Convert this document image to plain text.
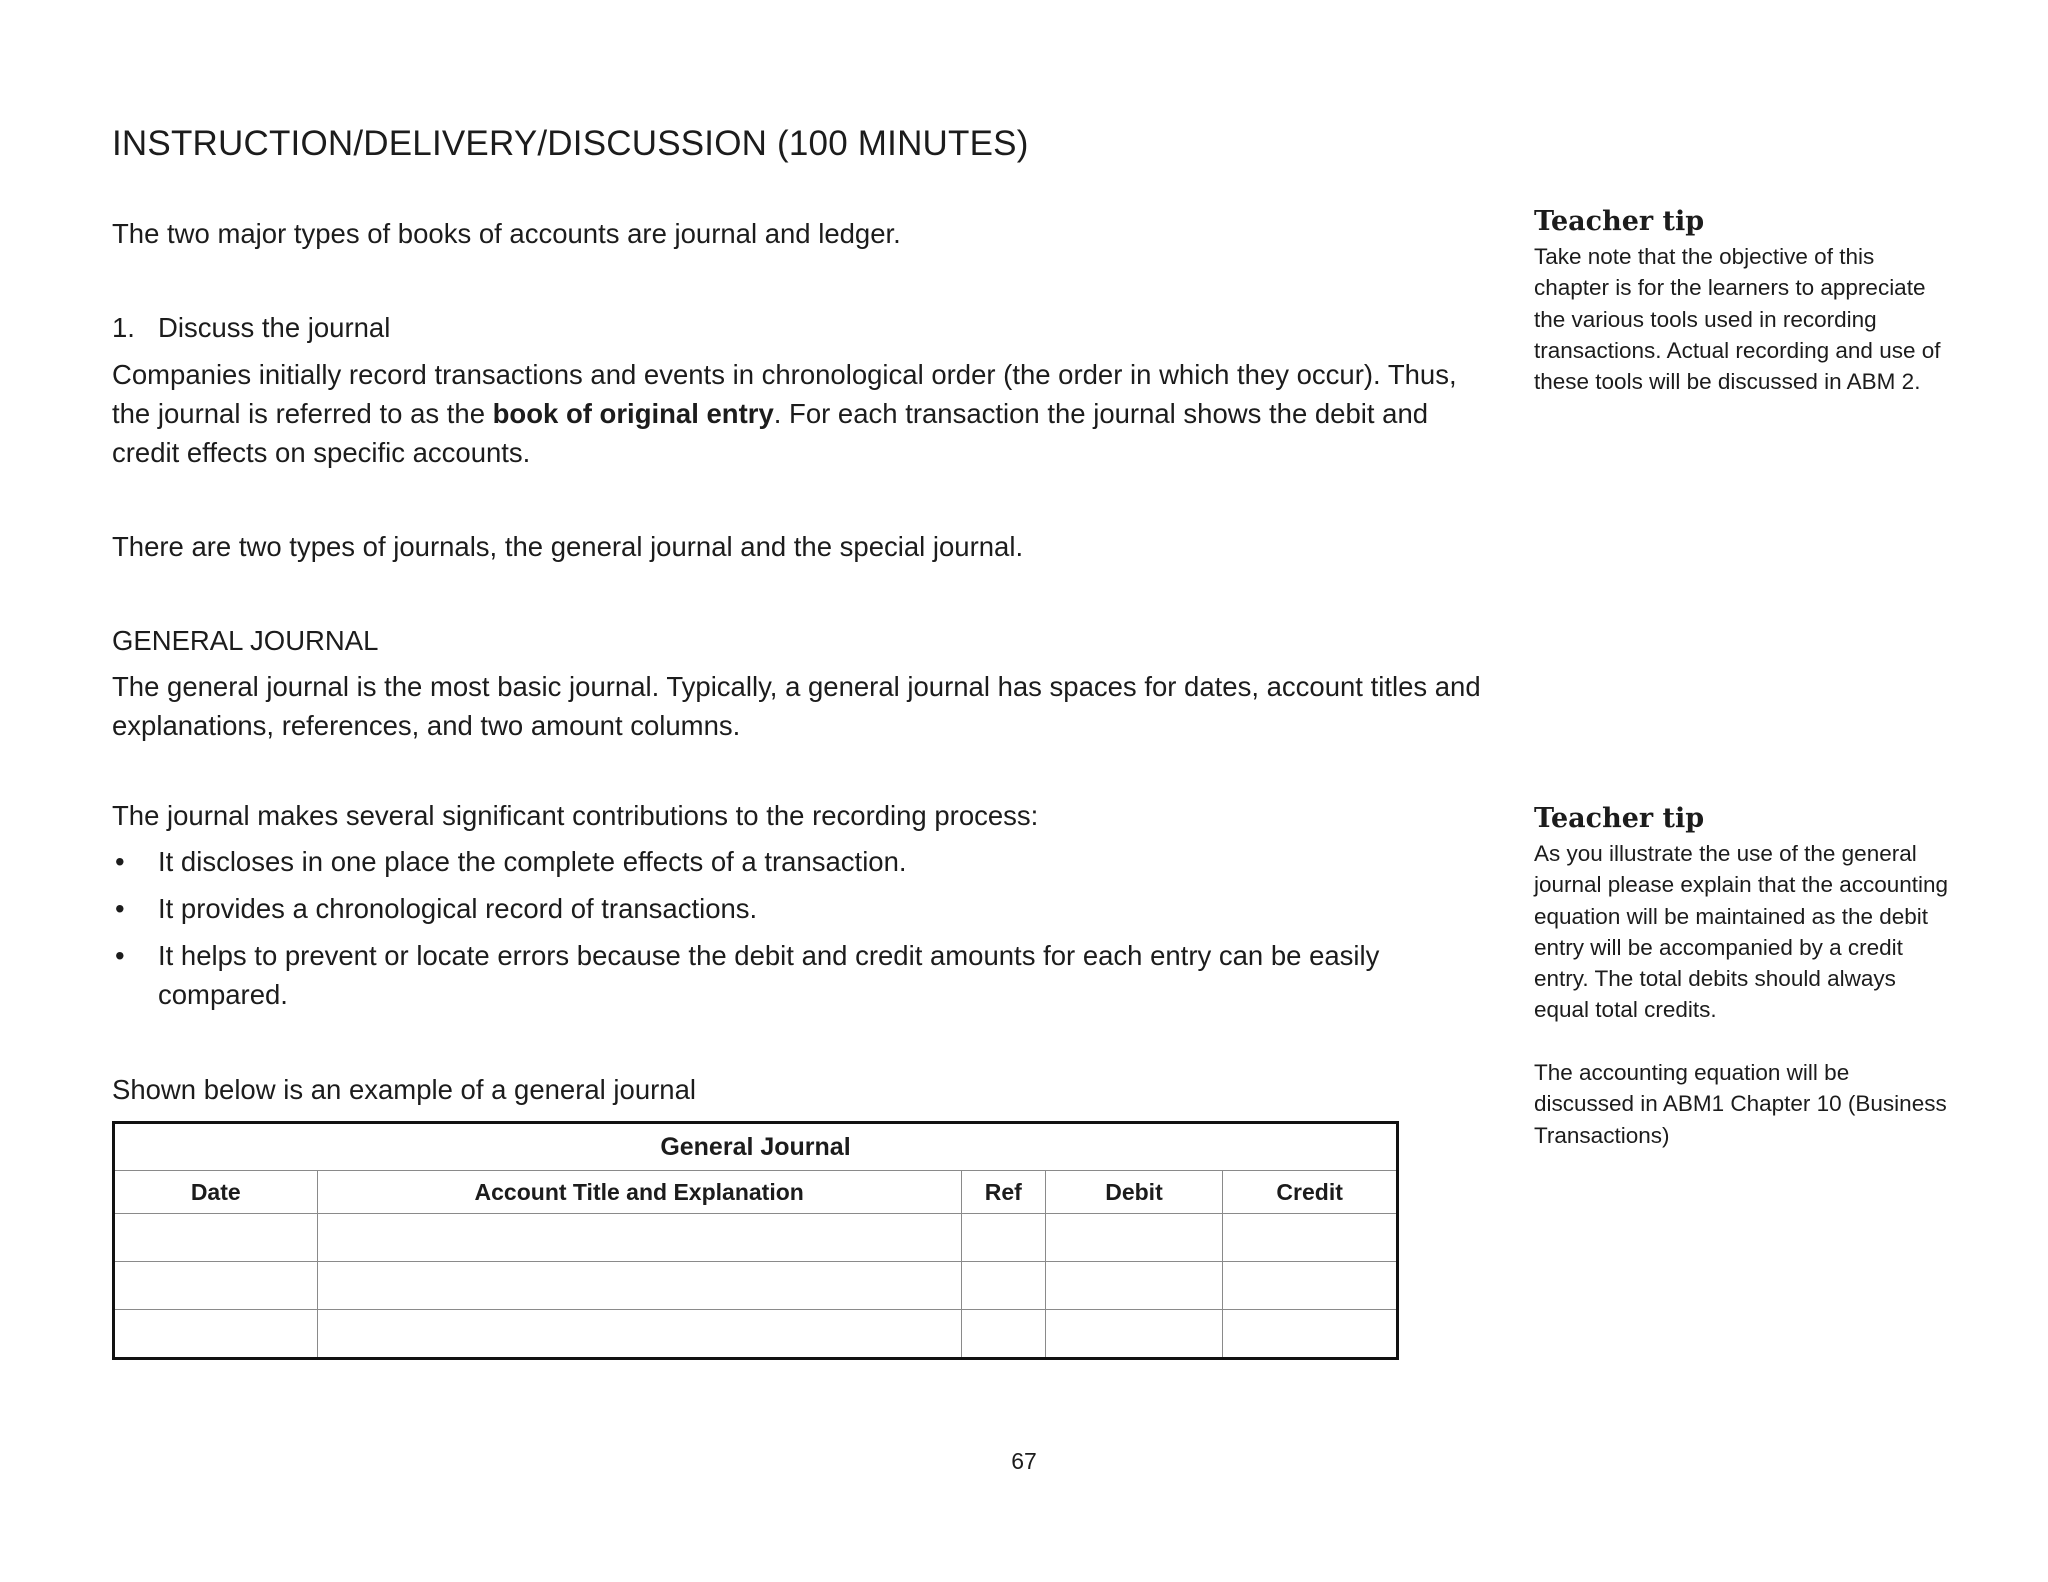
INSTRUCTION/DELIVERY/DISCUSSION (100 MINUTES)

The two major types of books of accounts are journal and ledger.

1. Discuss the journal

Companies initially record transactions and events in chronological order (the order in which they occur). Thus, the journal is referred to as the book of original entry. For each transaction the journal shows the debit and credit effects on specific accounts.

There are two types of journals, the general journal and the special journal.

GENERAL JOURNAL

The general journal is the most basic journal. Typically, a general journal has spaces for dates, account titles and explanations, references, and two amount columns.

The journal makes several significant contributions to the recording process:

• It discloses in one place the complete effects of a transaction.
• It provides a chronological record of transactions.
• It helps to prevent or locate errors because the debit and credit amounts for each entry can be easily compared.

Shown below is an example of a general journal

General Journal				
Date	Account Title and Explanation	Ref	Debit	Credit

Teacher tip

Take note that the objective of this chapter is for the learners to appreciate the various tools used in recording transactions. Actual recording and use of these tools will be discussed in ABM 2.

Teacher tip

As you illustrate the use of the general journal please explain that the accounting equation will be maintained as the debit entry will be accompanied by a credit entry. The total debits should always equal total credits.

The accounting equation will be discussed in ABM1 Chapter 10 (Business Transactions)

67
